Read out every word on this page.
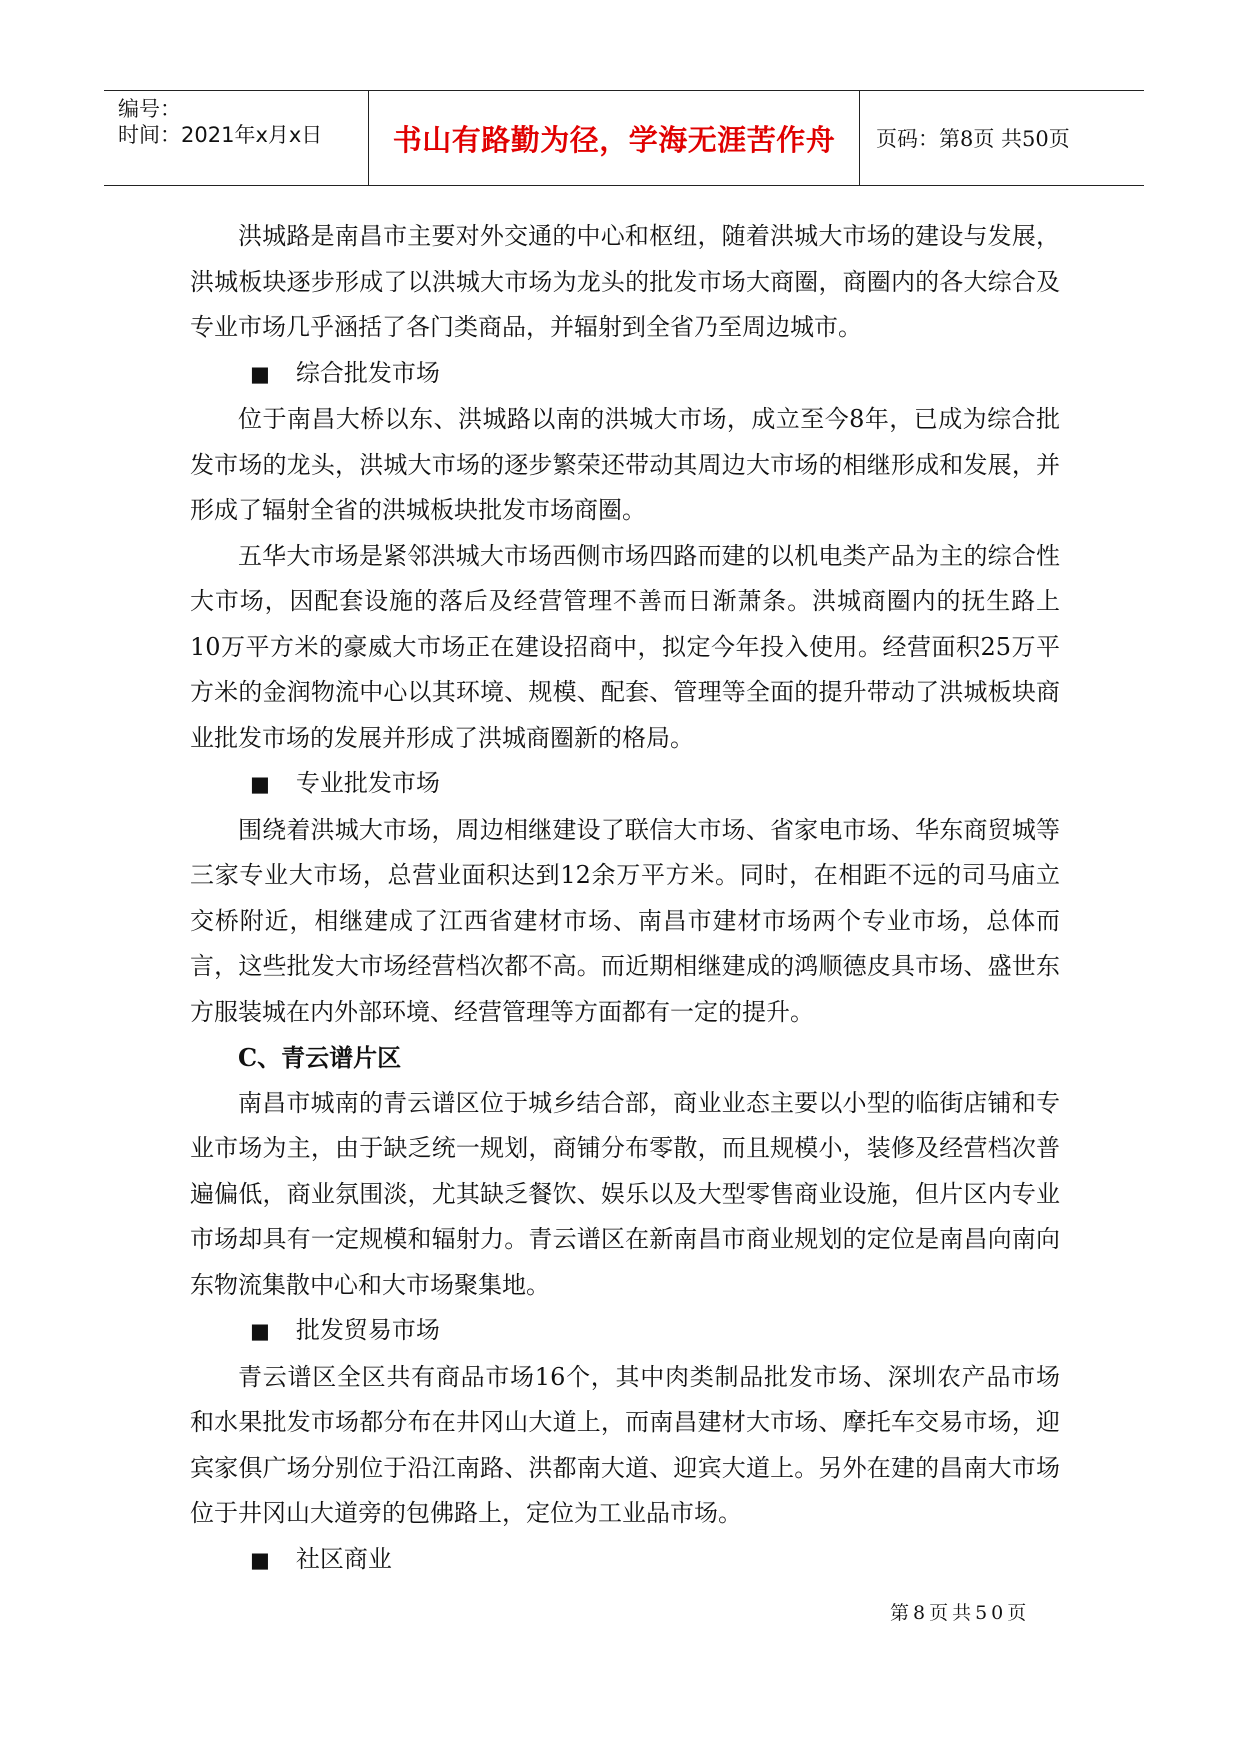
编号：
时间：2021年x月x日	书山有路勤为径，学海无涯苦作舟	页码：第8页 共50页

洪城路是南昌市主要对外交通的中心和枢纽，随着洪城大市场的建设与发展，洪城板块逐步形成了以洪城大市场为龙头的批发市场大商圈，商圈内的各大综合及专业市场几乎涵括了各门类商品，并辐射到全省乃至周边城市。

■ 综合批发市场

位于南昌大桥以东、洪城路以南的洪城大市场，成立至今8年，已成为综合批发市场的龙头，洪城大市场的逐步繁荣还带动其周边大市场的相继形成和发展，并形成了辐射全省的洪城板块批发市场商圈。

五华大市场是紧邻洪城大市场西侧市场四路而建的以机电类产品为主的综合性大市场，因配套设施的落后及经营管理不善而日渐萧条。洪城商圈内的抚生路上10万平方米的豪威大市场正在建设招商中，拟定今年投入使用。经营面积25万平方米的金润物流中心以其环境、规模、配套、管理等全面的提升带动了洪城板块商业批发市场的发展并形成了洪城商圈新的格局。

■ 专业批发市场

围绕着洪城大市场，周边相继建设了联信大市场、省家电市场、华东商贸城等三家专业大市场，总营业面积达到12余万平方米。同时，在相距不远的司马庙立交桥附近，相继建成了江西省建材市场、南昌市建材市场两个专业市场，总体而言，这些批发大市场经营档次都不高。而近期相继建成的鸿顺德皮具市场、盛世东方服装城在内外部环境、经营管理等方面都有一定的提升。

C、青云谱片区

南昌市城南的青云谱区位于城乡结合部，商业业态主要以小型的临街店铺和专业市场为主，由于缺乏统一规划，商铺分布零散，而且规模小，装修及经营档次普遍偏低，商业氛围淡，尤其缺乏餐饮、娱乐以及大型零售商业设施，但片区内专业市场却具有一定规模和辐射力。青云谱区在新南昌市商业规划的定位是南昌向南向东物流集散中心和大市场聚集地。

■ 批发贸易市场

青云谱区全区共有商品市场16个，其中肉类制品批发市场、深圳农产品市场和水果批发市场都分布在井冈山大道上，而南昌建材大市场、摩托车交易市场，迎宾家俱广场分别位于沿江南路、洪都南大道、迎宾大道上。另外在建的昌南大市场位于井冈山大道旁的包佛路上，定位为工业品市场。

■ 社区商业

第8页共50页
